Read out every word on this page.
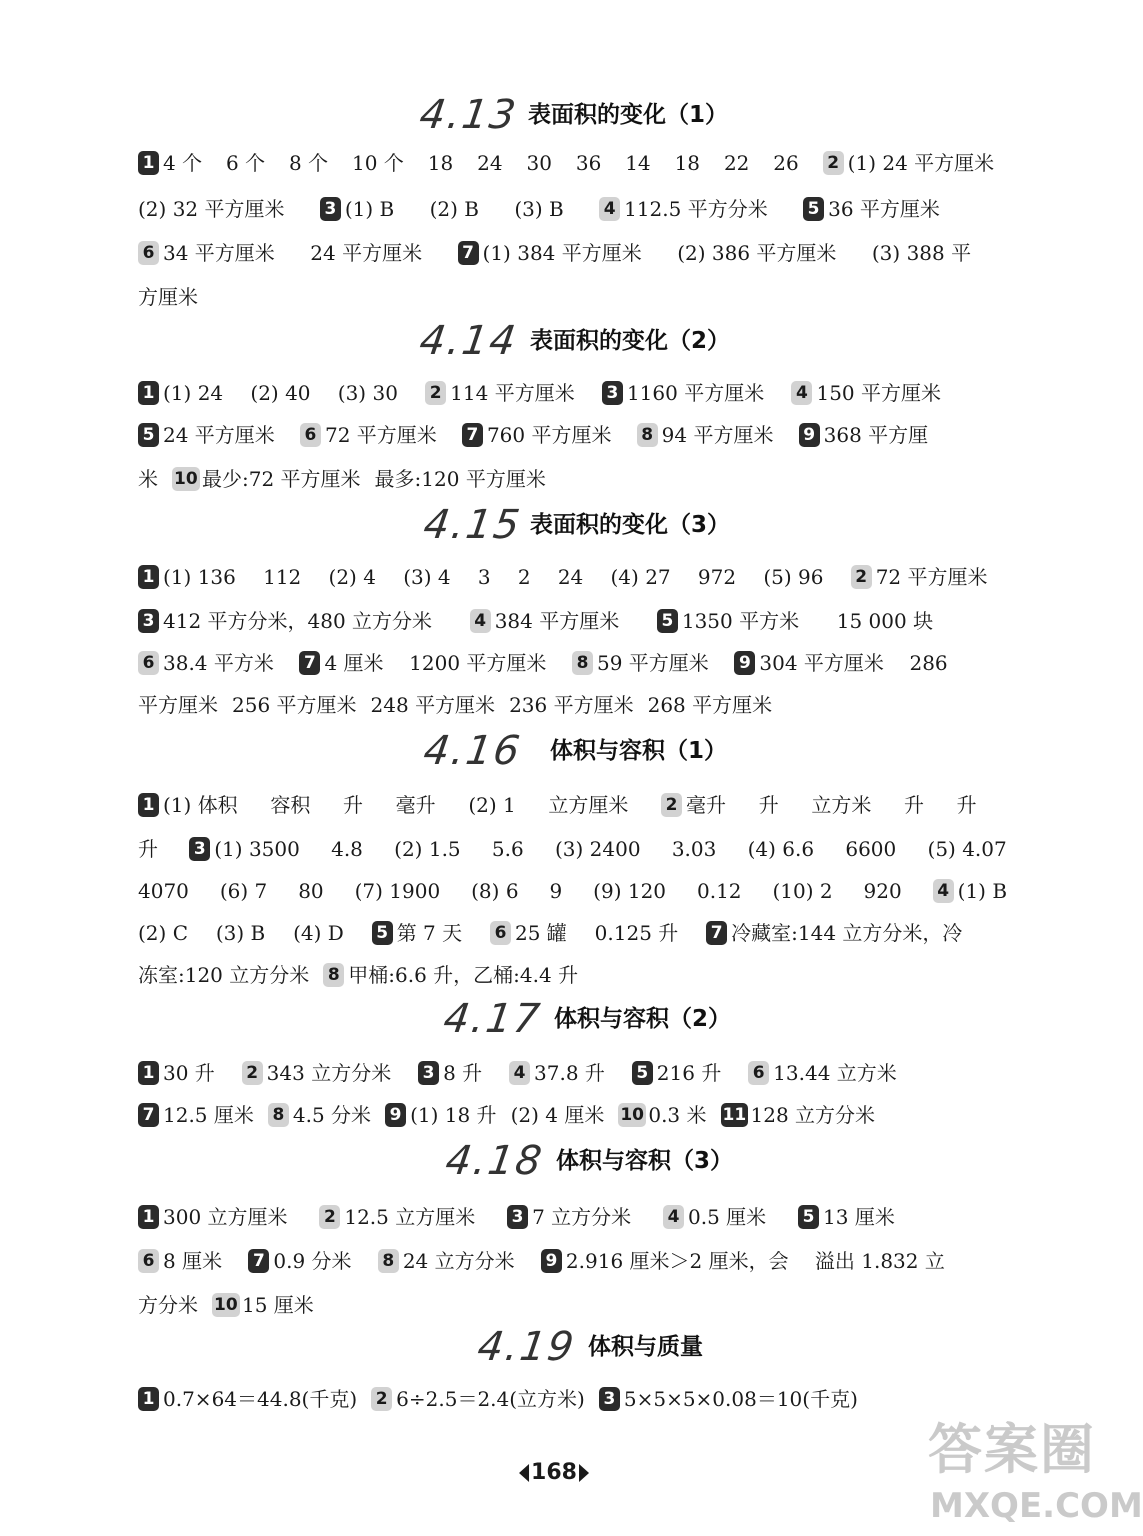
4.13 表面积的变化（1）
1 4 个 6 个 8 个 10 个 18 24 30 36 14 18 22 26 2 (1) 24 平方厘米
(2) 32 平方厘米 3 (1) B (2) B (3) B 4 112.5 平方分米 5 36 平方厘米
6 34 平方厘米 24 平方厘米 7 (1) 384 平方厘米 (2) 386 平方厘米 (3) 388 平
方厘米
4.14 表面积的变化（2）
1 (1) 24 (2) 40 (3) 30 2 114 平方厘米 3 1160 平方厘米 4 150 平方厘米
5 24 平方厘米 6 72 平方厘米 7 760 平方厘米 8 94 平方厘米 9 368 平方厘
米 10 最少:72 平方厘米 最多:120 平方厘米
4.15 表面积的变化（3）
1 (1) 136 112 (2) 4 (3) 4 3 2 24 (4) 27 972 (5) 96 2 72 平方厘米
3 412 平方分米，480 立方分米 4 384 平方厘米 5 1350 平方米 15 000 块
6 38.4 平方米 7 4 厘米 1200 平方厘米 8 59 平方厘米 9 304 平方厘米 286
平方厘米 256 平方厘米 248 平方厘米 236 平方厘米 268 平方厘米
4.16 体积与容积（1）
1 (1) 体积 容积 升 毫升 (2) 1 立方厘米 2 毫升 升 立方米 升 升
升 3 (1) 3500 4.8 (2) 1.5 5.6 (3) 2400 3.03 (4) 6.6 6600 (5) 4.07
4070 (6) 7 80 (7) 1900 (8) 6 9 (9) 120 0.12 (10) 2 920 4 (1) B
(2) C (3) B (4) D 5 第 7 天 6 25 罐 0.125 升 7 冷藏室:144 立方分米，冷
冻室:120 立方分米 8 甲桶:6.6 升，乙桶:4.4 升
4.17 体积与容积（2）
1 30 升 2 343 立方分米 3 8 升 4 37.8 升 5 216 升 6 13.44 立方米
7 12.5 厘米 8 4.5 分米 9 (1) 18 升 (2) 4 厘米 10 0.3 米 11 128 立方分米
4.18 体积与容积（3）
1 300 立方厘米 2 12.5 立方厘米 3 7 立方分米 4 0.5 厘米 5 13 厘米
6 8 厘米 7 0.9 分米 8 24 立方分米 9 2.916 厘米＞2 厘米，会 溢出 1.832 立
方分米 10 15 厘米
4.19 体积与质量
1 0.7×64＝44.8(千克) 2 6÷2.5＝2.4(立方米) 3 5×5×5×0.08＝10(千克)
168	答案圈
MXQE.COM
